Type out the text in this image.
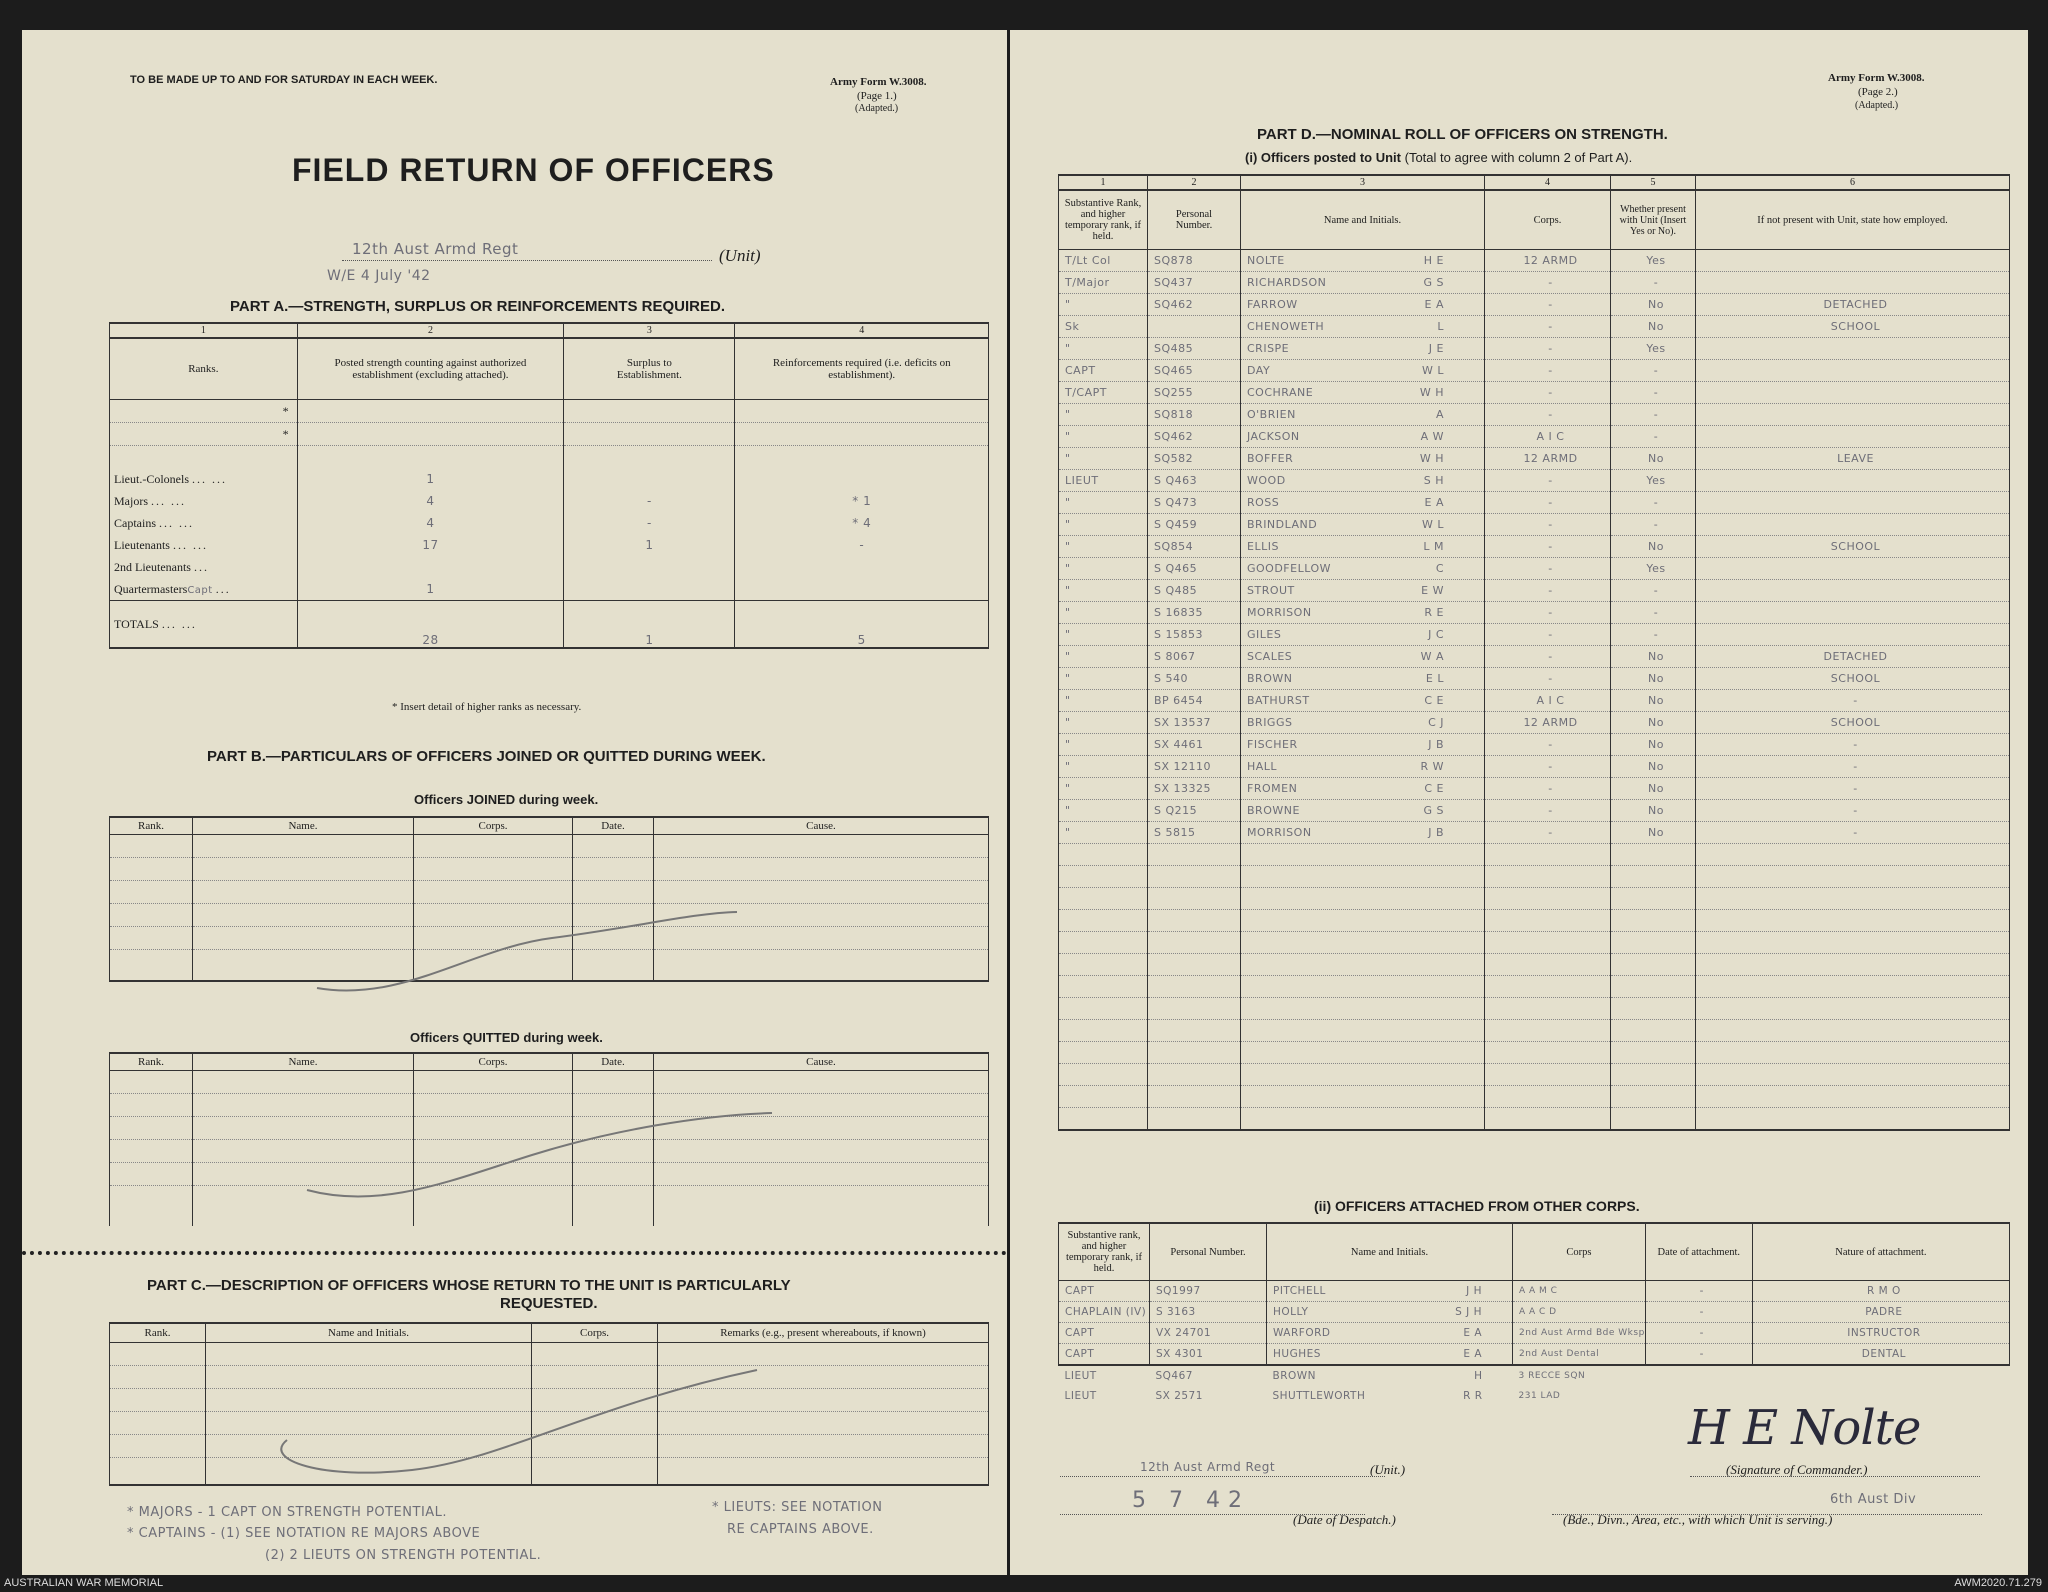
TO BE MADE UP TO AND FOR SATURDAY IN EACH WEEK.	Army Form W.3008.
(Page 1.)
(Adapted.)
FIELD RETURN OF OFFICERS
12th Aust Armd Regt	(Unit)
W/E 4 July '42
PART A.—STRENGTH, SURPLUS OR REINFORCEMENTS REQUIRED.
1	2	3	4
Ranks.	Posted strength counting against authorized establishment (excluding attached).	Surplus to Establishment.	Reinforcements required (i.e. deficits on establishment).
*			
*			

Lieut.-Colonels ... ...	1		
Majors ... ...	4	-	* 1
Captains ... ...	4	-	* 4
Lieutenants ... ...	17	1	-
2nd Lieutenants ...			
QuartermastersCapt ...	1		
TOTALS ... ...	28	1	5
* Insert detail of higher ranks as necessary.
PART B.—PARTICULARS OF OFFICERS JOINED OR QUITTED DURING WEEK.
Officers JOINED during week.
Rank.	Name.	Corps.	Date.	Cause.

Officers QUITTED during week.
Rank.	Name.	Corps.	Date.	Cause.

PART C.—DESCRIPTION OF OFFICERS WHOSE RETURN TO THE UNIT IS PARTICULARLY
REQUESTED.
Rank.	Name and Initials.	Corps.	Remarks (e.g., present whereabouts, if known)

* MAJORS - 1 CAPT ON STRENGTH POTENTIAL.
* CAPTAINS - (1) SEE NOTATION RE MAJORS ABOVE
(2) 2 LIEUTS ON STRENGTH POTENTIAL.
* LIEUTS: SEE NOTATION
RE CAPTAINS ABOVE.
Army Form W.3008.
(Page 2.)
(Adapted.)
PART D.—NOMINAL ROLL OF OFFICERS ON STRENGTH.
(i) Officers posted to Unit (Total to agree with column 2 of Part A).
1	2	3	4	5	6
Substantive Rank, and higher temporary rank, if held.	Personal Number.	Name and Initials.	Corps.	Whether present with Unit (Insert Yes or No).	If not present with Unit, state how employed.
T/Lt Col	SQ878	NOLTE H E	12 ARMD	Yes	
T/Major	SQ437	RICHARDSON G S	-	-	
"	SQ462	FARROW E A	-	No	DETACHED
Sk		CHENOWETH L	-	No	SCHOOL
"	SQ485	CRISPE J E	-	Yes	
CAPT	SQ465	DAY W L	-	-	
T/CAPT	SQ255	COCHRANE W H	-	-	
"	SQ818	O'BRIEN A	-	-	
"	SQ462	JACKSON A W	A I C	-	
"	SQ582	BOFFER W H	12 ARMD	No	LEAVE
LIEUT	S Q463	WOOD S H	-	Yes	
"	S Q473	ROSS E A	-	-	
"	S Q459	BRINDLAND W L	-	-	
"	SQ854	ELLIS L M	-	No	SCHOOL
"	S Q465	GOODFELLOW C	-	Yes	
"	S Q485	STROUT E W	-	-	
"	S 16835	MORRISON R E	-	-	
"	S 15853	GILES J C	-	-	
"	S 8067	SCALES W A	-	No	DETACHED
"	S 540	BROWN E L	-	No	SCHOOL
"	BP 6454	BATHURST C E	A I C	No	-
"	SX 13537	BRIGGS C J	12 ARMD	No	SCHOOL
"	SX 4461	FISCHER J B	-	No	-
"	SX 12110	HALL R W	-	No	-
"	SX 13325	FROMEN C E	-	No	-
"	S Q215	BROWNE G S	-	No	-
"	S 5815	MORRISON J B	-	No	-

(ii) OFFICERS ATTACHED FROM OTHER CORPS.
Substantive rank, and higher temporary rank, if held.	Personal Number.	Name and Initials.	Corps	Date of attachment.	Nature of attachment.
CAPT	SQ1997	PITCHELL J H	A A M C	-	R M O
CHAPLAIN (IV)	S 3163	HOLLY S J H	A A C D	-	PADRE
CAPT	VX 24701	WARFORD E A	2nd Aust Armd Bde Wksp	-	INSTRUCTOR
CAPT	SX 4301	HUGHES E A	2nd Aust Dental	-	DENTAL
LIEUT	SQ467	BROWN H	3 RECCE SQN		
LIEUT	SX 2571	SHUTTLEWORTH R R	231 LAD		
12th Aust Armd Regt	(Unit.)
H E Nolte
(Signature of Commander.)
5 7 42
(Date of Despatch.)
6th Aust Div
(Bde., Divn., Area, etc., with which Unit is serving.)
AUSTRALIAN WAR MEMORIAL	AWM2020.71.279
